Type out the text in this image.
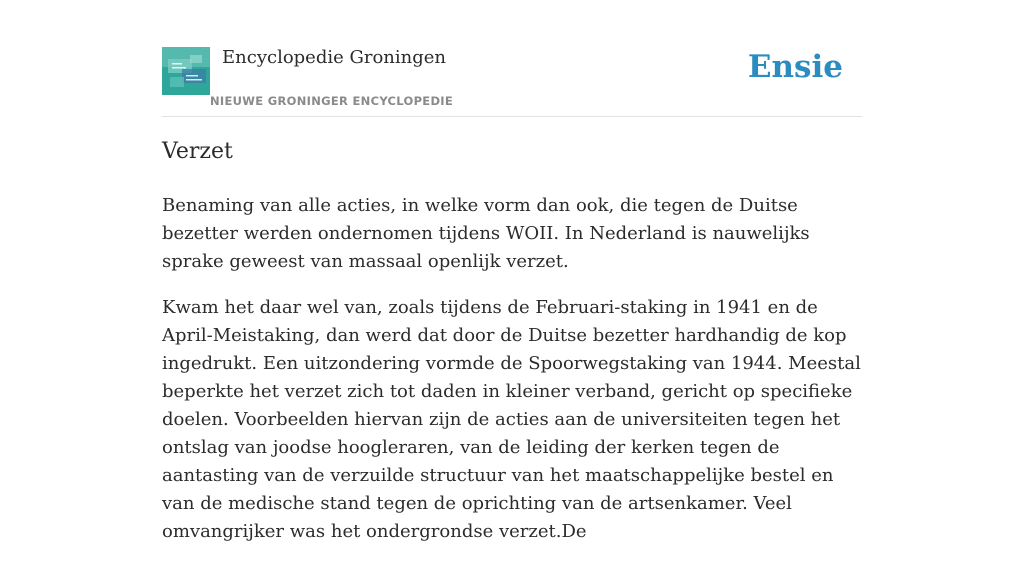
Encyclopedie Groningen
NIEUWE GRONINGER ENCYCLOPEDIE
Ensie
Verzet

Benaming van alle acties, in welke vorm dan ook, die tegen de Duitse bezetter werden ondernomen tijdens WOII. In Nederland is nauwelijks sprake geweest van massaal openlijk verzet.

Kwam het daar wel van, zoals tijdens de Februari-staking in 1941 en de April-Meistaking, dan werd dat door de Duitse bezetter hardhandig de kop ingedrukt. Een uitzondering vormde de Spoorwegstaking van 1944. Meestal beperkte het verzet zich tot daden in kleiner verband, gericht op specifieke doelen. Voorbeelden hiervan zijn de acties aan de universiteiten tegen het ontslag van joodse hoogleraren, van de leiding der kerken tegen de aantasting van de verzuilde structuur van het maatschappelijke bestel en van de medische stand tegen de oprichting van de artsenkamer. Veel omvangrijker was het ondergrondse verzet.De
